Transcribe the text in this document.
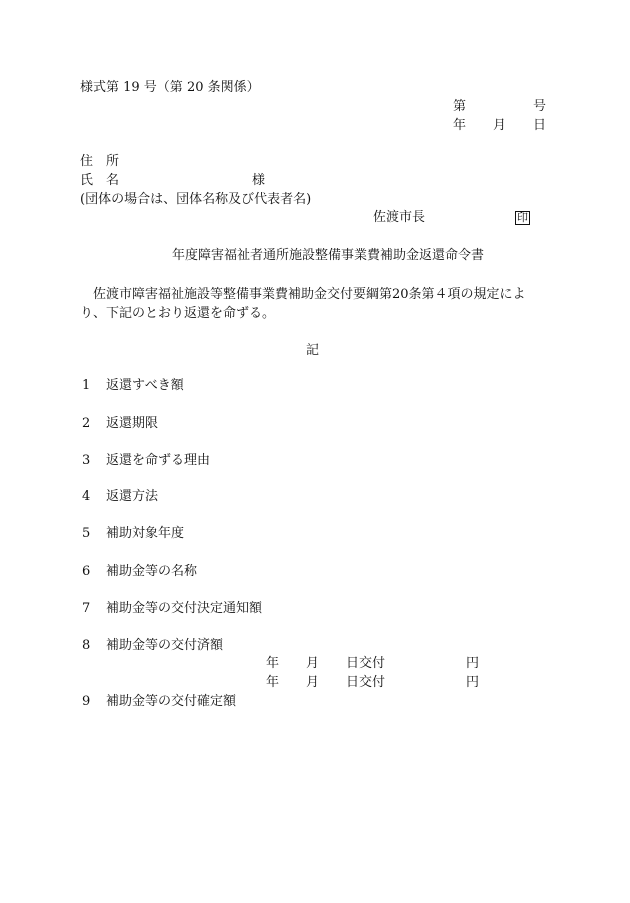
様式第 19 号（第 20 条関係）
第	号
年 月 日
住　所
氏　名	様
(団体の場合は、団体名称及び代表者名)
佐渡市長	印
年度障害福祉者通所施設整備事業費補助金返還命令書
佐渡市障害福祉施設等整備事業費補助金交付要綱第20条第４項の規定により、下記のとおり返還を命ずる。
記
1 返還すべき額
2 返還期限
3 返還を命ずる理由
4 返還方法
5 補助対象年度
6 補助金等の名称
7 補助金等の交付決定通知額
8 補助金等の交付済額
年 月 日交付	円
年 月 日交付	円
9 補助金等の交付確定額
